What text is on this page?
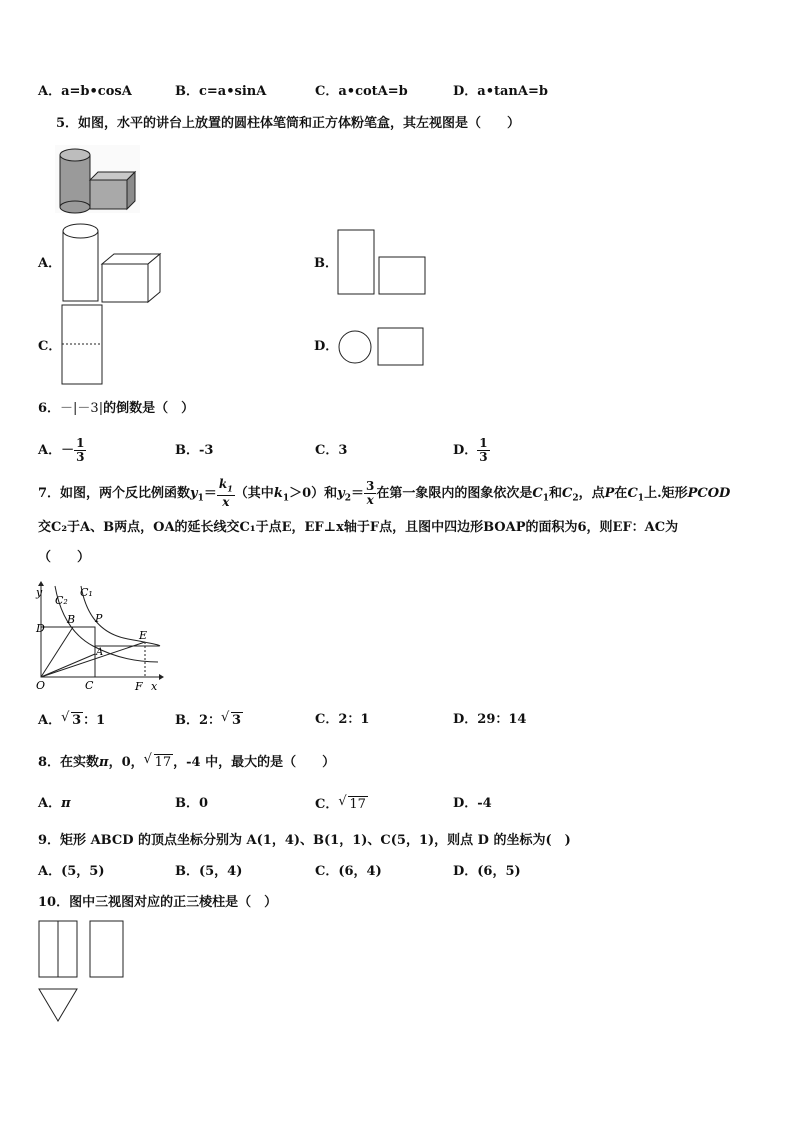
A．a=b•cosA	B．c=a•sinA	C．a•cotA=b	D．a•tanA=b
5．如图，水平的讲台上放置的圆柱体笔筒和正方体粉笔盒，其左视图是（　　）
A．	B．
C．	D．
6．－|－3|的倒数是（　）
A．－ $\frac{1}{3}$	B．-3	C．3	D． $\frac{1}{3}$
7．如图，两个反比例函数$y_1= \frac{k_1}{x}$ （其中$k_1>0$）和$y_2= \frac{3}{x}$ 在第一象限内的图象依次是$C_1$和$C_2$，点P在$C_1$上.矩形PCOD
交C₂于A、B两点，OA的延长线交C₁于点E，EF⊥x轴于F点，且图中四边形BOAP的面积为6，则EF：AC为
（　　）
y
C₂
C₁
B P
D
E
A
O	C	F x
A． √ 3 ：1	B．2： √ 3	C．2：1	D．29：14
8．在实数π，0， √ 17 ，-4 中，最大的是（　　）
A．π	B．0	C． √ 17	D．-4
9．矩形 ABCD 的顶点坐标分别为 A(1，4)、B(1，1)、C(5，1)，则点 D 的坐标为(　)
A．(5，5)	B．(5，4)	C．(6，4)	D．(6，5)
10．图中三视图对应的正三棱柱是（　）
